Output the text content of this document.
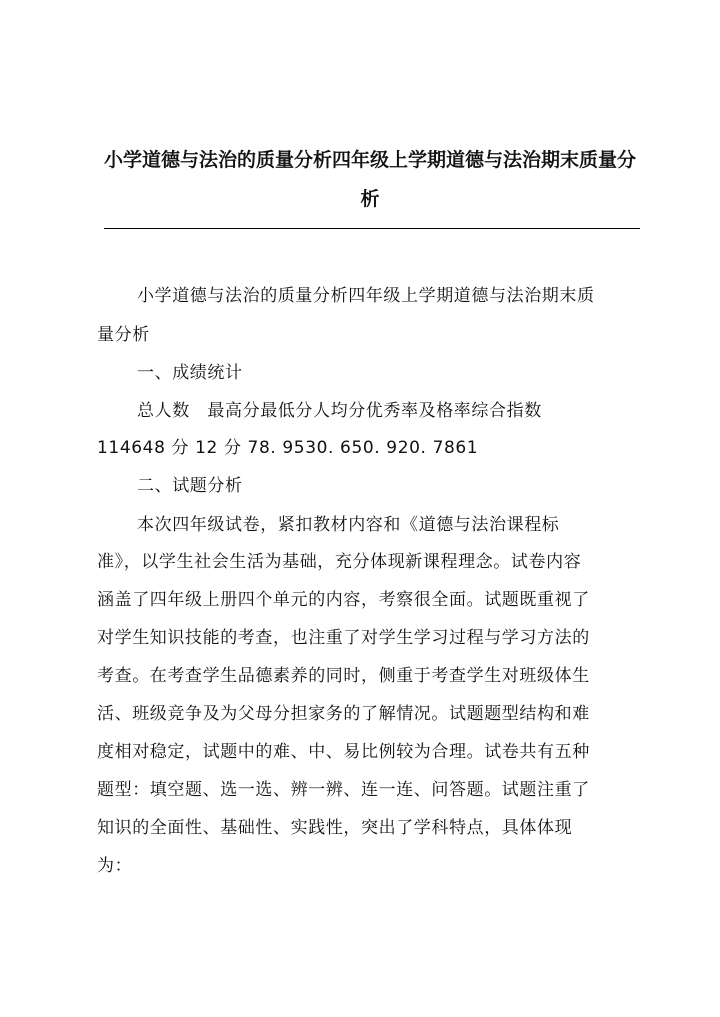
小学道德与法治的质量分析四年级上学期道德与法治期末质量分
析
小学道德与法治的质量分析四年级上学期道德与法治期末质
量分析
一、成绩统计
总人数　最高分最低分人均分优秀率及格率综合指数
114648 分 12 分 78. 9530. 650. 920. 7861
二、试题分析
本次四年级试卷，紧扣教材内容和《道德与法治课程标
准》，以学生社会生活为基础，充分体现新课程理念。试卷内容
涵盖了四年级上册四个单元的内容，考察很全面。试题既重视了
对学生知识技能的考查，也注重了对学生学习过程与学习方法的
考查。在考查学生品德素养的同时，侧重于考查学生对班级体生
活、班级竞争及为父母分担家务的了解情况。试题题型结构和难
度相对稳定，试题中的难、中、易比例较为合理。试卷共有五种
题型：填空题、选一选、辨一辨、连一连、问答题。试题注重了
知识的全面性、基础性、实践性，突出了学科特点，具体体现
为：
